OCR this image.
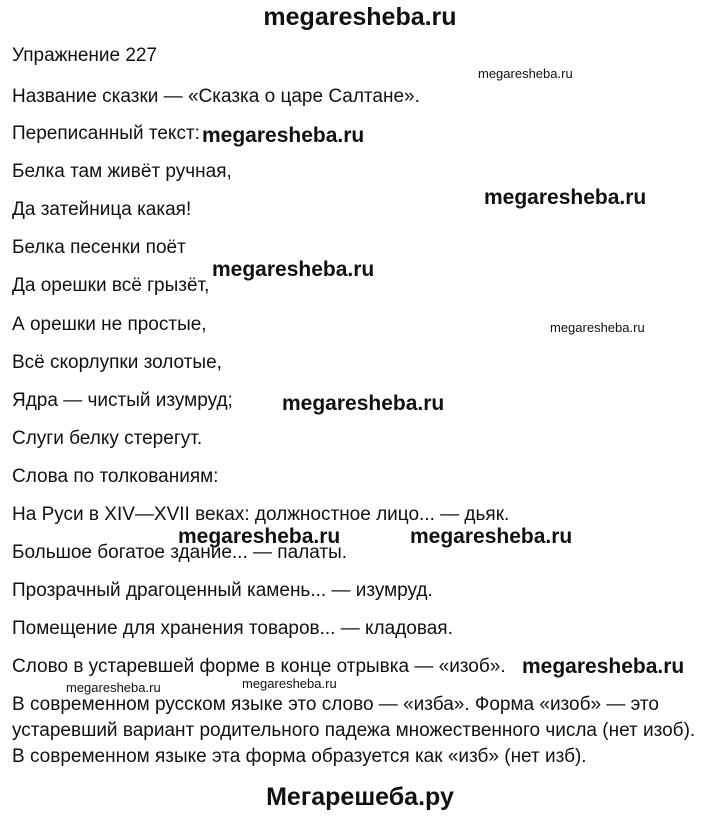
megaresheba.ru
Упражнение 227
Название сказки — «Сказка о царе Салтане».
Переписанный текст:
Белка там живёт ручная,
Да затейница какая!
Белка песенки поёт
Да орешки всё грызёт,
А орешки не простые,
Всё скорлупки золотые,
Ядра — чистый изумруд;
Слуги белку стерегут.
Слова по толкованиям:
На Руси в XIV—XVII веках: должностное лицо... — дьяк.
Большое богатое здание... — палаты.
Прозрачный драгоценный камень... — изумруд.
Помещение для хранения товаров... — кладовая.
Слово в устаревшей форме в конце отрывка — «изоб».
В современном русском языке это слово — «изба». Форма «изоб» — это
устаревший вариант родительного падежа множественного числа (нет изоб).
В современном языке эта форма образуется как «изб» (нет изб).
megaresheba.ru
megaresheba.ru
megaresheba.ru
megaresheba.ru
megaresheba.ru
megaresheba.ru
megaresheba.ru	megaresheba.ru
megaresheba.ru
megaresheba.ru	megaresheba.ru
Мегарешеба.ру
